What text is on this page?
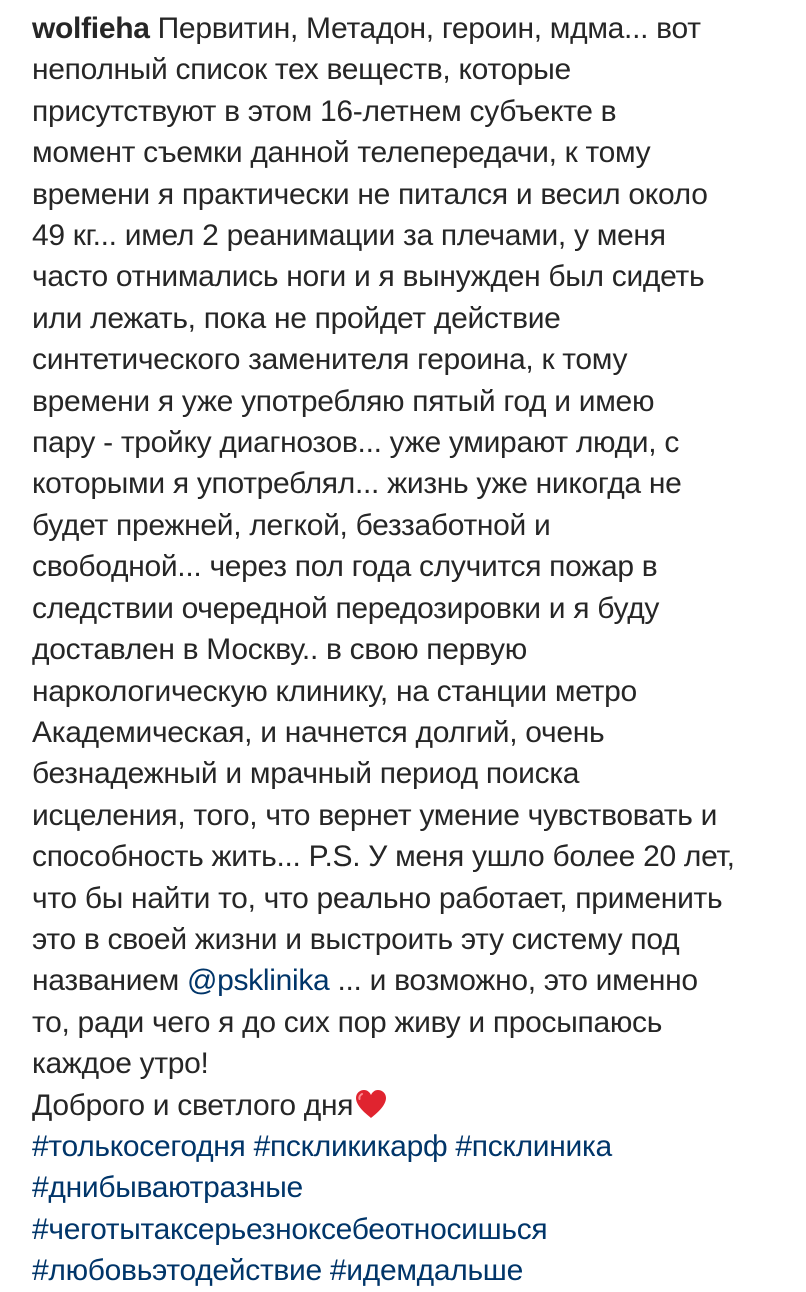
wolfieha Первитин, Метадон, героин, мдма... вот
неполный список тех веществ, которые
присутствуют в этом 16-летнем субъекте в
момент съемки данной телепередачи, к тому
времени я практически не питался и весил около
49 кг... имел 2 реанимации за плечами, у меня
часто отнимались ноги и я вынужден был сидеть
или лежать, пока не пройдет действие
синтетического заменителя героина, к тому
времени я уже употребляю пятый год и имею
пару - тройку диагнозов... уже умирают люди, с
которыми я употреблял... жизнь уже никогда не
будет прежней, легкой, беззаботной и
свободной... через пол года случится пожар в
следствии очередной передозировки и я буду
доставлен в Москву.. в свою первую
наркологическую клинику, на станции метро
Академическая, и начнется долгий, очень
безнадежный и мрачный период поиска
исцеления, того, что вернет умение чувствовать и
способность жить... P.S. У меня ушло более 20 лет,
что бы найти то, что реально работает, применить
это в своей жизни и выстроить эту систему под
названием @psklinika ... и возможно, это именно
то, ради чего я до сих пор живу и просыпаюсь
каждое утро!
Доброго и светлого дня
#толькосегодня #пскликикарф #псклиника
#днибываютразные
#чеготытаксерьезноксебеотносишься
#любовьэтодействие #идемдальше
